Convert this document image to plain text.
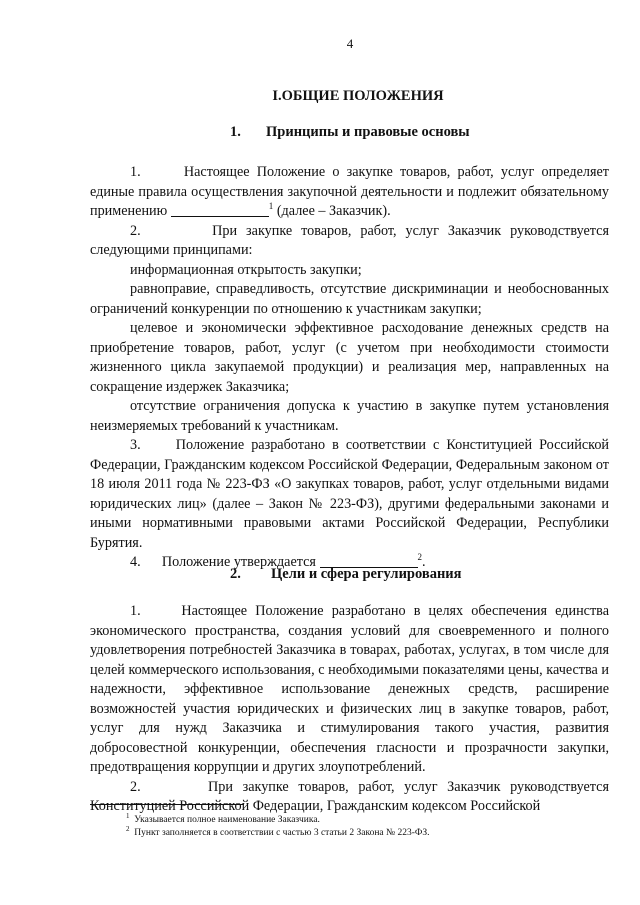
4
I.ОБЩИЕ ПОЛОЖЕНИЯ
1. Принципы и правовые основы

1.	Настоящее Положение о закупке товаров, работ, услуг определяет единые правила осуществления закупочной деятельности и подлежит обязательному применению	$^1$ (далее – Заказчик).

2.	При закупке товаров, работ, услуг Заказчик руководствуется следующими принципами:

информационная открытость закупки;

равноправие, справедливость, отсутствие дискриминации и необоснованных ограничений конкуренции по отношению к участникам закупки;

целевое и экономически эффективное расходование денежных средств на приобретение товаров, работ, услуг (с учетом при необходимости стоимости жизненного цикла закупаемой продукции) и реализация мер, направленных на сокращение издержек Заказчика;

отсутствие ограничения допуска к участию в закупке путем установления неизмеряемых требований к участникам.

3. Положение разработано в соответствии с Конституцией Российской Федерации, Гражданским кодексом Российской Федерации, Федеральным законом от 18 июля 2011 года № 223-ФЗ «О закупках товаров, работ, услуг отдельными видами юридических лиц» (далее – Закон № 223-ФЗ), другими федеральными законами и иными нормативными правовыми актами Российской Федерации, Республики Бурятия.

4. Положение утверждается	$^2$.

2. Цели и сфера регулирования

1.	Настоящее Положение разработано в целях обеспечения единства экономического пространства, создания условий для своевременного и полного удовлетворения потребностей Заказчика в товарах, работах, услугах, в том числе для целей коммерческого использования, с необходимыми показателями цены, качества и надежности, эффективное использование денежных средств, расширение возможностей участия юридических и физических лиц в закупке товаров, работ, услуг для нужд Заказчика и стимулирования такого участия, развития добросовестной конкуренции, обеспечения гласности и прозрачности закупки, предотвращения коррупции и других злоупотреблений.

2.	При закупке товаров, работ, услуг Заказчик руководствуется Конституцией Российской Федерации, Гражданским кодексом Российской

$^1$ Указывается полное наименование Заказчика.
$^2$ Пункт заполняется в соответствии с частью 3 статьи 2 Закона № 223-ФЗ.
